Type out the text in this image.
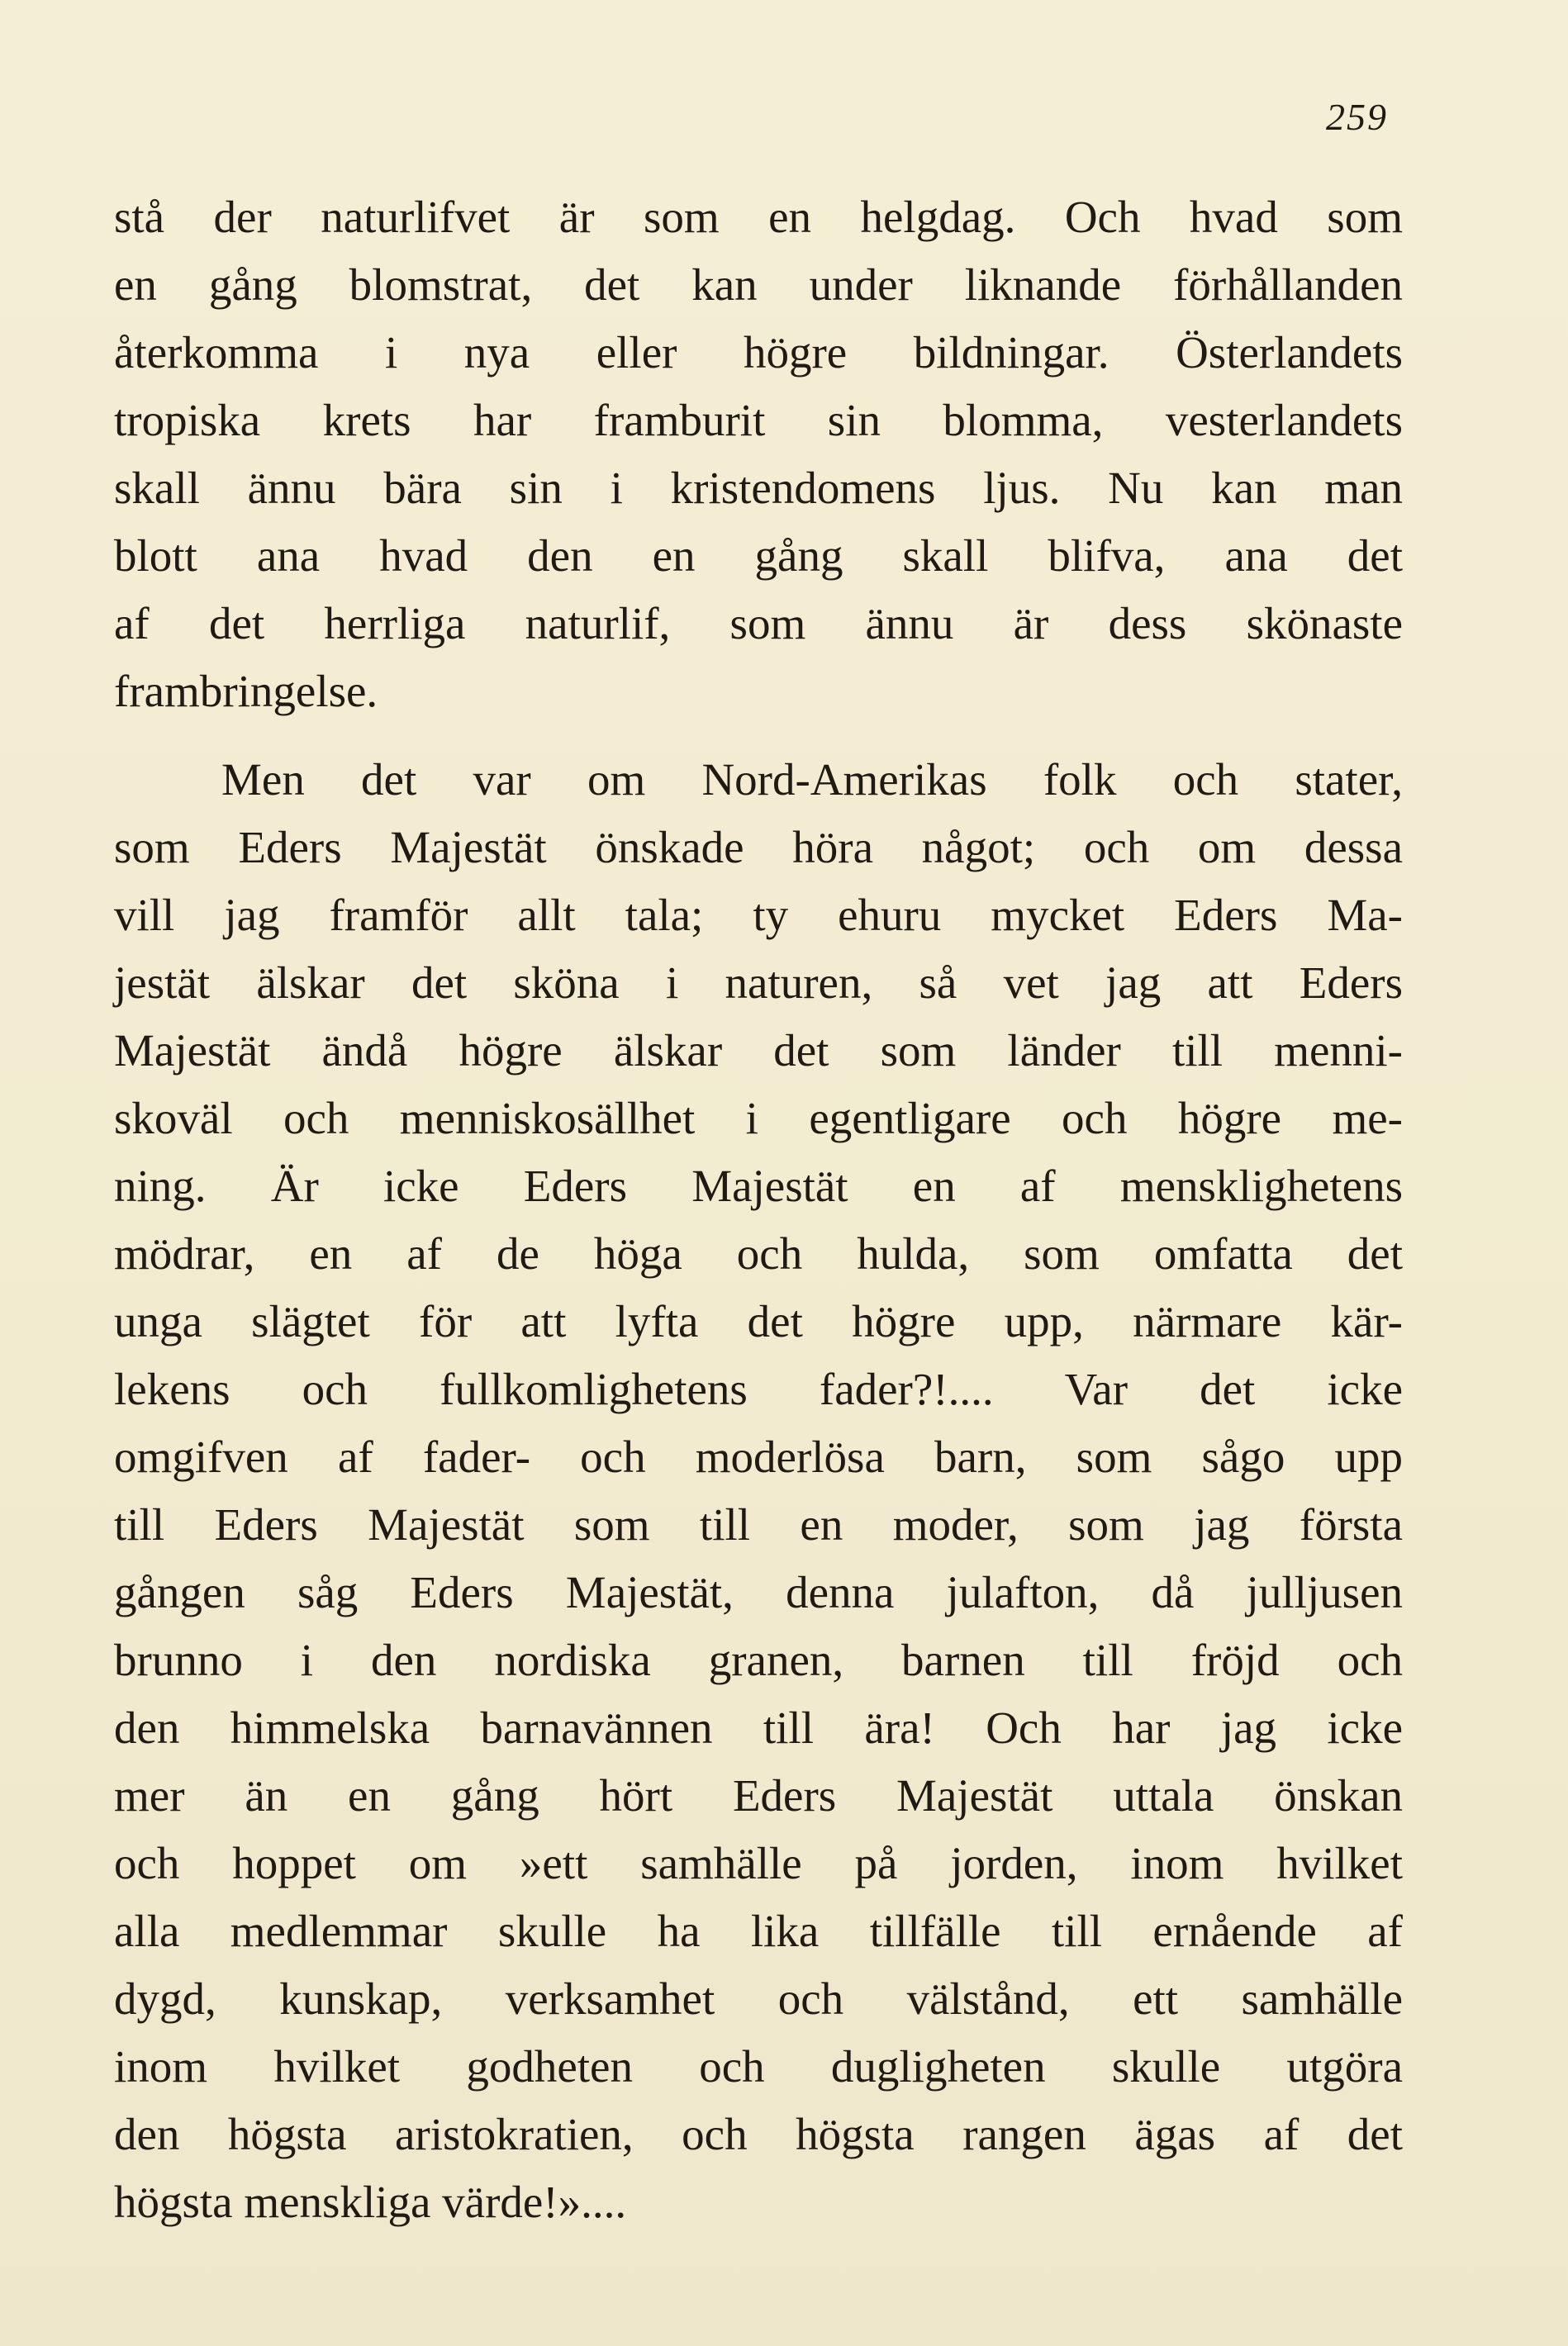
259
stå der naturlifvet är som en helgdag. Och hvad som
en gång blomstrat, det kan under liknande förhållanden
återkomma i nya eller högre bildningar. Österlandets
tropiska krets har framburit sin blomma, vesterlandets
skall ännu bära sin i kristendomens ljus. Nu kan man
blott ana hvad den en gång skall blifva, ana det
af det herrliga naturlif, som ännu är dess skönaste
frambringelse.
Men det var om Nord-Amerikas folk och stater,
som Eders Majestät önskade höra något; och om dessa
vill jag framför allt tala; ty ehuru mycket Eders Ma-
jestät älskar det sköna i naturen, så vet jag att Eders
Majestät ändå högre älskar det som länder till menni-
skoväl och menniskosällhet i egentligare och högre me-
ning. Är icke Eders Majestät en af mensklighetens
mödrar, en af de höga och hulda, som omfatta det
unga slägtet för att lyfta det högre upp, närmare kär-
lekens och fullkomlighetens fader?!.... Var det icke
omgifven af fader- och moderlösa barn, som sågo upp
till Eders Majestät som till en moder, som jag första
gången såg Eders Majestät, denna julafton, då julljusen
brunno i den nordiska granen, barnen till fröjd och
den himmelska barnavännen till ära! Och har jag icke
mer än en gång hört Eders Majestät uttala önskan
och hoppet om »ett samhälle på jorden, inom hvilket
alla medlemmar skulle ha lika tillfälle till ernående af
dygd, kunskap, verksamhet och välstånd, ett samhälle
inom hvilket godheten och dugligheten skulle utgöra
den högsta aristokratien, och högsta rangen ägas af det
högsta menskliga värde!»....
